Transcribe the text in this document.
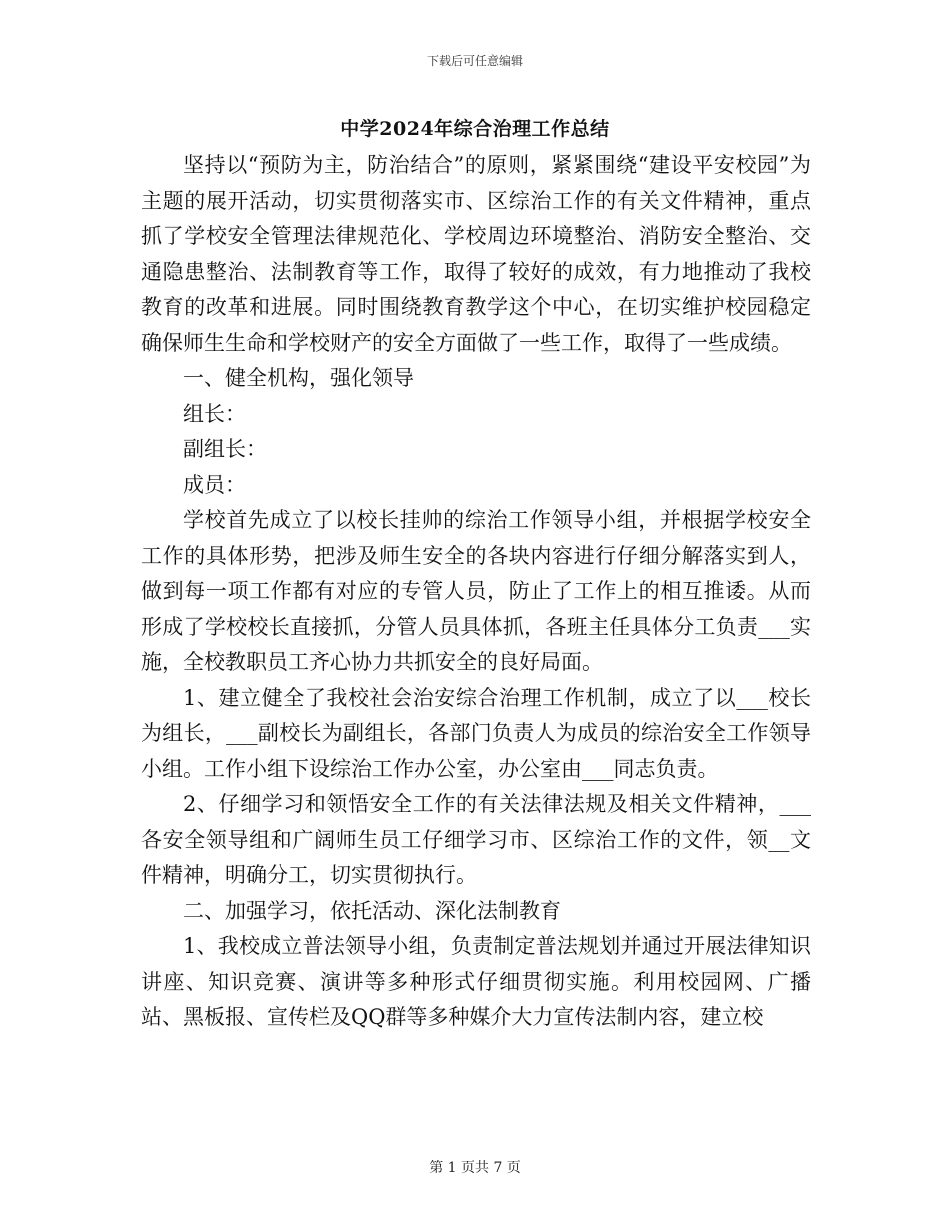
下载后可任意编辑
中学2024年综合治理工作总结

坚持以“预防为主，防治结合”的原则，紧紧围绕“建设平安校园”为主题的展开活动，切实贯彻落实市、区综治工作的有关文件精神，重点抓了学校安全管理法律规范化、学校周边环境整治、消防安全整治、交通隐患整治、法制教育等工作，取得了较好的成效，有力地推动了我校教育的改革和进展。同时围绕教育教学这个中心，在切实维护校园稳定确保师生生命和学校财产的安全方面做了一些工作，取得了一些成绩。

一、健全机构，强化领导

组长：

副组长：

成员：

学校首先成立了以校长挂帅的综治工作领导小组，并根据学校安全工作的具体形势，把涉及师生安全的各块内容进行仔细分解落实到人，做到每一项工作都有对应的专管人员，防止了工作上的相互推诿。从而形成了学校校长直接抓，分管人员具体抓，各班主任具体分工负责___实施，全校教职员工齐心协力共抓安全的良好局面。

1、建立健全了我校社会治安综合治理工作机制，成立了以___校长为组长，___副校长为副组长，各部门负责人为成员的综治安全工作领导小组。工作小组下设综治工作办公室，办公室由___同志负责。

2、仔细学习和领悟安全工作的有关法律法规及相关文件精神，___各安全领导组和广阔师生员工仔细学习市、区综治工作的文件，领__文件精神，明确分工，切实贯彻执行。

二、加强学习，依托活动、深化法制教育

1、我校成立普法领导小组，负责制定普法规划并通过开展法律知识讲座、知识竞赛、演讲等多种形式仔细贯彻实施。利用校园网、广播站、黑板报、宣传栏及QQ群等多种媒介大力宣传法制内容，建立校

第 1 页共 7 页
